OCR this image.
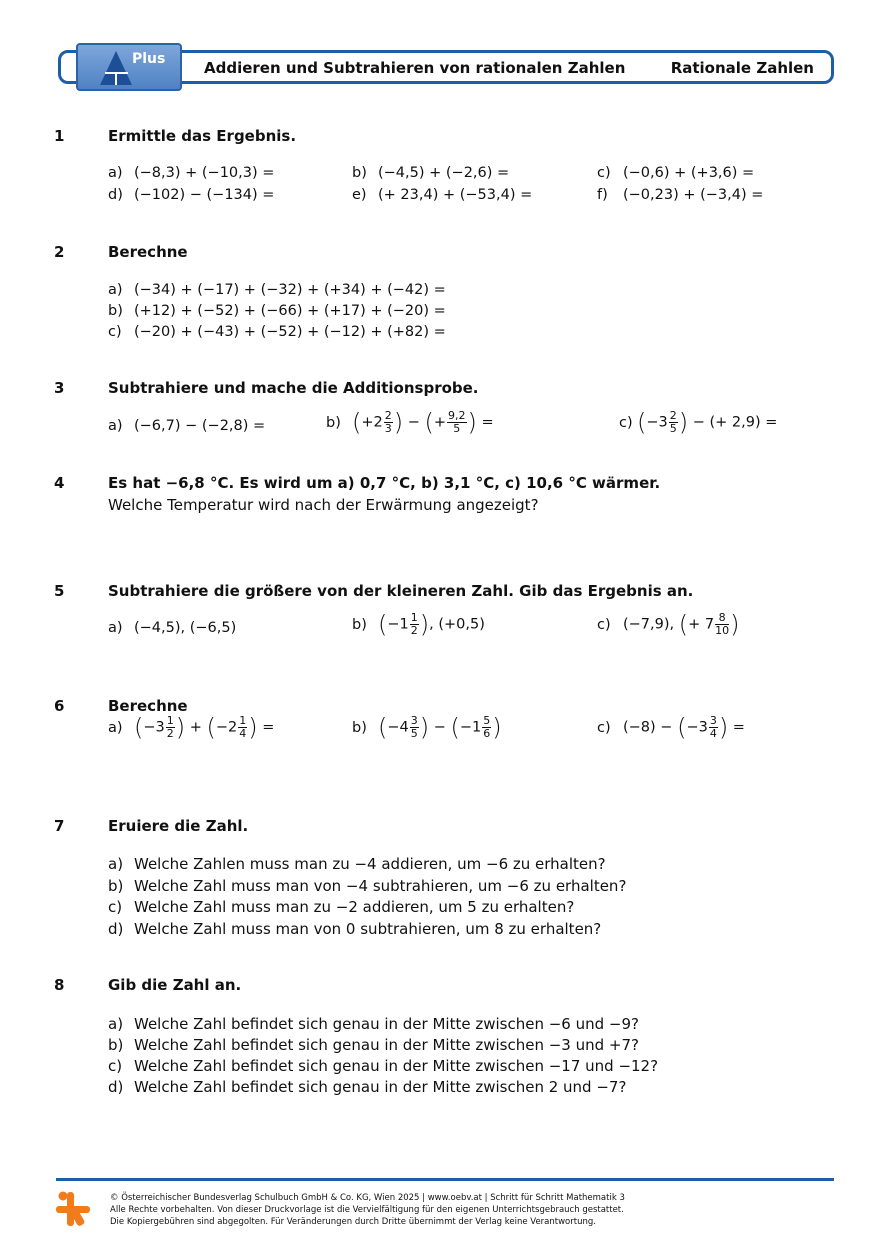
Plus	Addieren und Subtrahieren von rationalen Zahlen	Rationale Zahlen
1	Ermittle das Ergebnis.
a) (−8,3) + (−10,3) =	b) (−4,5) + (−2,6) =	c) (−0,6) + (+3,6) =
d) (−102) − (−134) =	e) (+ 23,4) + (−53,4) =	f) (−0,23) + (−3,4) =
2	Berechne
a) (−34) + (−17) + (−32) + (+34) + (−42) =
b) (+12) + (−52) + (−66) + (+17) + (−20) =
c) (−20) + (−43) + (−52) + (−12) + (+82) =
3	Subtrahiere und mache die Additionsprobe.
a) (−6,7) − (−2,8) =	b) ($+2 \frac{2}{3}$ ) − (+ $\frac{9,2}{5}$ ) =	c) ($-3 \frac{2}{5}$ ) − (+ 2,9) =
4	Es hat −6,8 °C. Es wird um a) 0,7 °C, b) 3,1 °C, c) 10,6 °C wärmer.
Welche Temperatur wird nach der Erwärmung angezeigt?
5	Subtrahiere die größere von der kleineren Zahl. Gib das Ergebnis an.
a) (−4,5), (−6,5)	b) ($-1 \frac{1}{2}$ ), (+0,5)	c) (−7,9), (+ $7 \frac{8}{10}$ )
6	Berechne
a) ($-3 \frac{1}{2}$ ) + ($-2 \frac{1}{4}$ ) =	b) ($-4 \frac{3}{5}$ ) − ($-1 \frac{5}{6}$ )	c) $(-8) - (-3 \frac{3}{4}$ ) =
7	Eruiere die Zahl.
a) Welche Zahlen muss man zu −4 addieren, um −6 zu erhalten?
b) Welche Zahl muss man von −4 subtrahieren, um −6 zu erhalten?
c) Welche Zahl muss man zu −2 addieren, um 5 zu erhalten?
d) Welche Zahl muss man von 0 subtrahieren, um 8 zu erhalten?
8	Gib die Zahl an.
a) Welche Zahl befindet sich genau in der Mitte zwischen −6 und −9?
b) Welche Zahl befindet sich genau in der Mitte zwischen −3 und +7?
c) Welche Zahl befindet sich genau in der Mitte zwischen −17 und −12?
d) Welche Zahl befindet sich genau in der Mitte zwischen 2 und −7?
© Österreichischer Bundesverlag Schulbuch GmbH & Co. KG, Wien 2025 | www.oebv.at | Schritt für Schritt Mathematik 3
Alle Rechte vorbehalten. Von dieser Druckvorlage ist die Vervielfältigung für den eigenen Unterrichtsgebrauch gestattet.
Die Kopiergebühren sind abgegolten. Für Veränderungen durch Dritte übernimmt der Verlag keine Verantwortung.
